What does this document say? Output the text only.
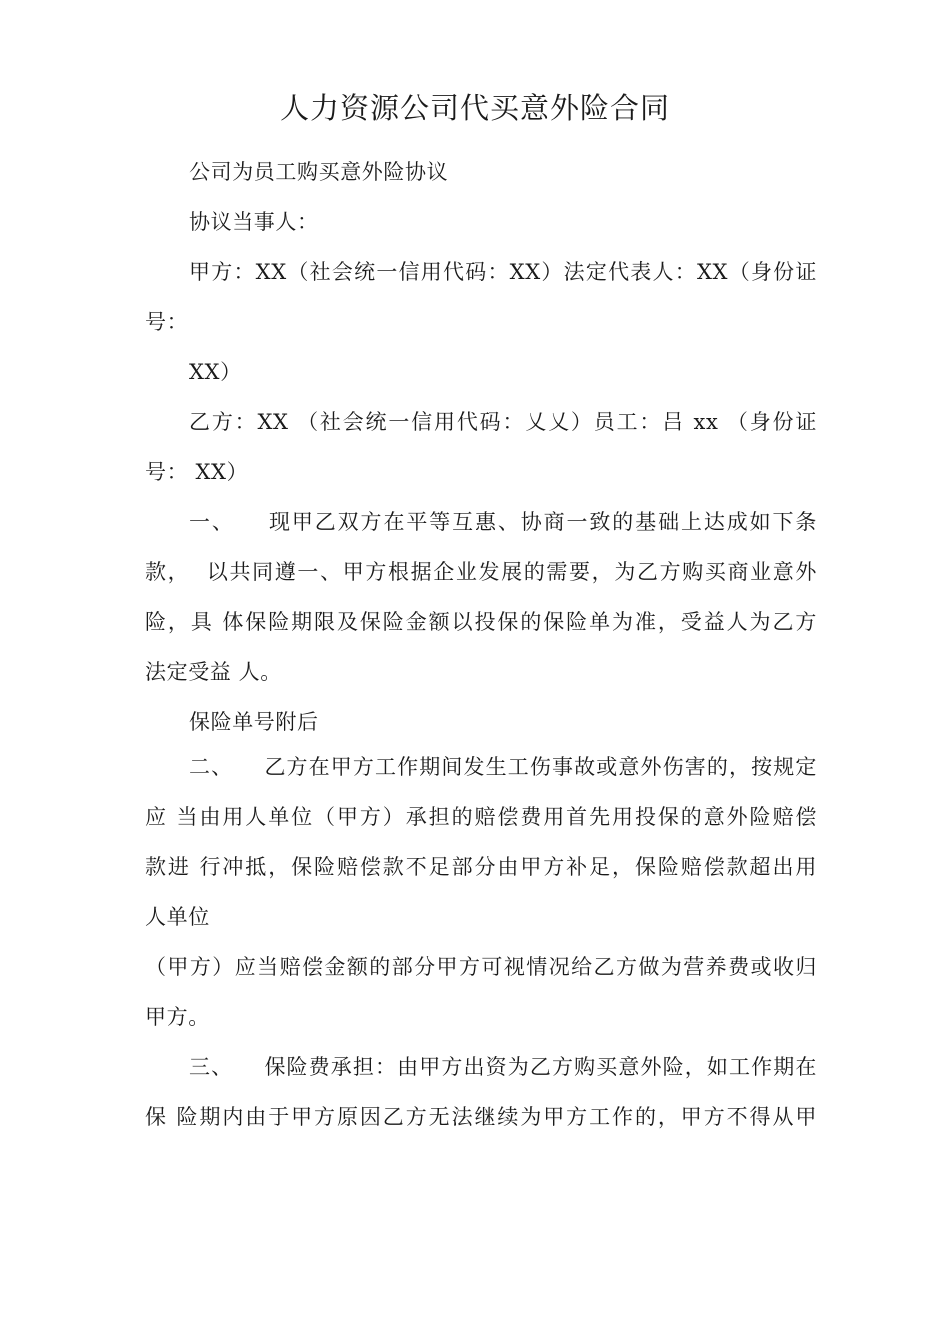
人力资源公司代买意外险合同
公司为员工购买意外险协议
协议当事人：
甲方：XX（社会统一信用代码：XX）法定代表人：XX（身份证
号：
XX）
乙方：XX （社会统一信用代码：乂乂）员工：吕 xx （身份证
号： XX）
一、    现甲乙双方在平等互惠、协商一致的基础上达成如下条
款，  以共同遵一、甲方根据企业发展的需要，为乙方购买商业意外
险，具 体保险期限及保险金额以投保的保险单为准，受益人为乙方
法定受益 人。
保险单号附后
二、    乙方在甲方工作期间发生工伤事故或意外伤害的，按规定
应 当由用人单位（甲方）承担的赔偿费用首先用投保的意外险赔偿
款进 行冲抵，保险赔偿款不足部分由甲方补足，保险赔偿款超出用
人单位
（甲方）应当赔偿金额的部分甲方可视情况给乙方做为营养费或收归
甲方。
三、    保险费承担：由甲方出资为乙方购买意外险，如工作期在
保 险期内由于甲方原因乙方无法继续为甲方工作的，甲方不得从甲
